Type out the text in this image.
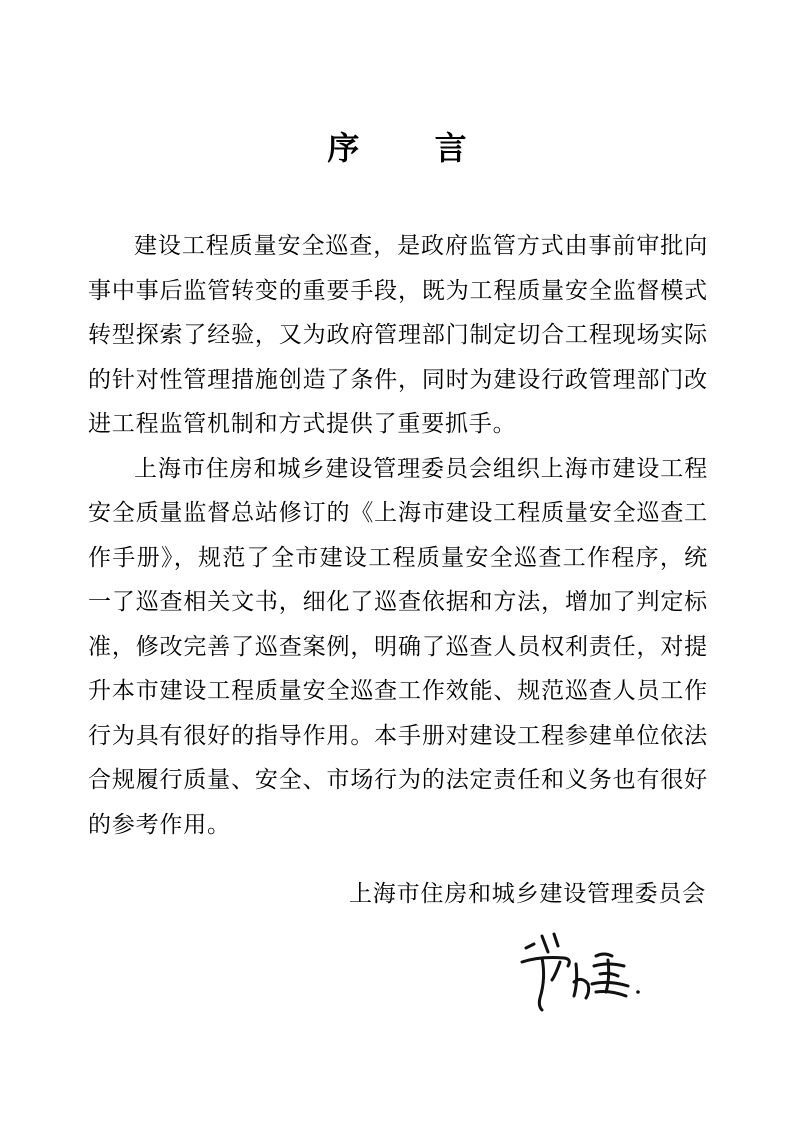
序 言

建设工程质量安全巡查，是政府监管方式由事前审批向事中事后监管转变的重要手段，既为工程质量安全监督模式转型探索了经验，又为政府管理部门制定切合工程现场实际的针对性管理措施创造了条件，同时为建设行政管理部门改进工程监管机制和方式提供了重要抓手。

上海市住房和城乡建设管理委员会组织上海市建设工程安全质量监督总站修订的《上海市建设工程质量安全巡查工作手册》，规范了全市建设工程质量安全巡查工作程序，统一了巡查相关文书，细化了巡查依据和方法，增加了判定标准，修改完善了巡查案例，明确了巡查人员权利责任，对提升本市建设工程质量安全巡查工作效能、规范巡查人员工作行为具有很好的指导作用。本手册对建设工程参建单位依法合规履行质量、安全、市场行为的法定责任和义务也有很好的参考作用。

上海市住房和城乡建设管理委员会
